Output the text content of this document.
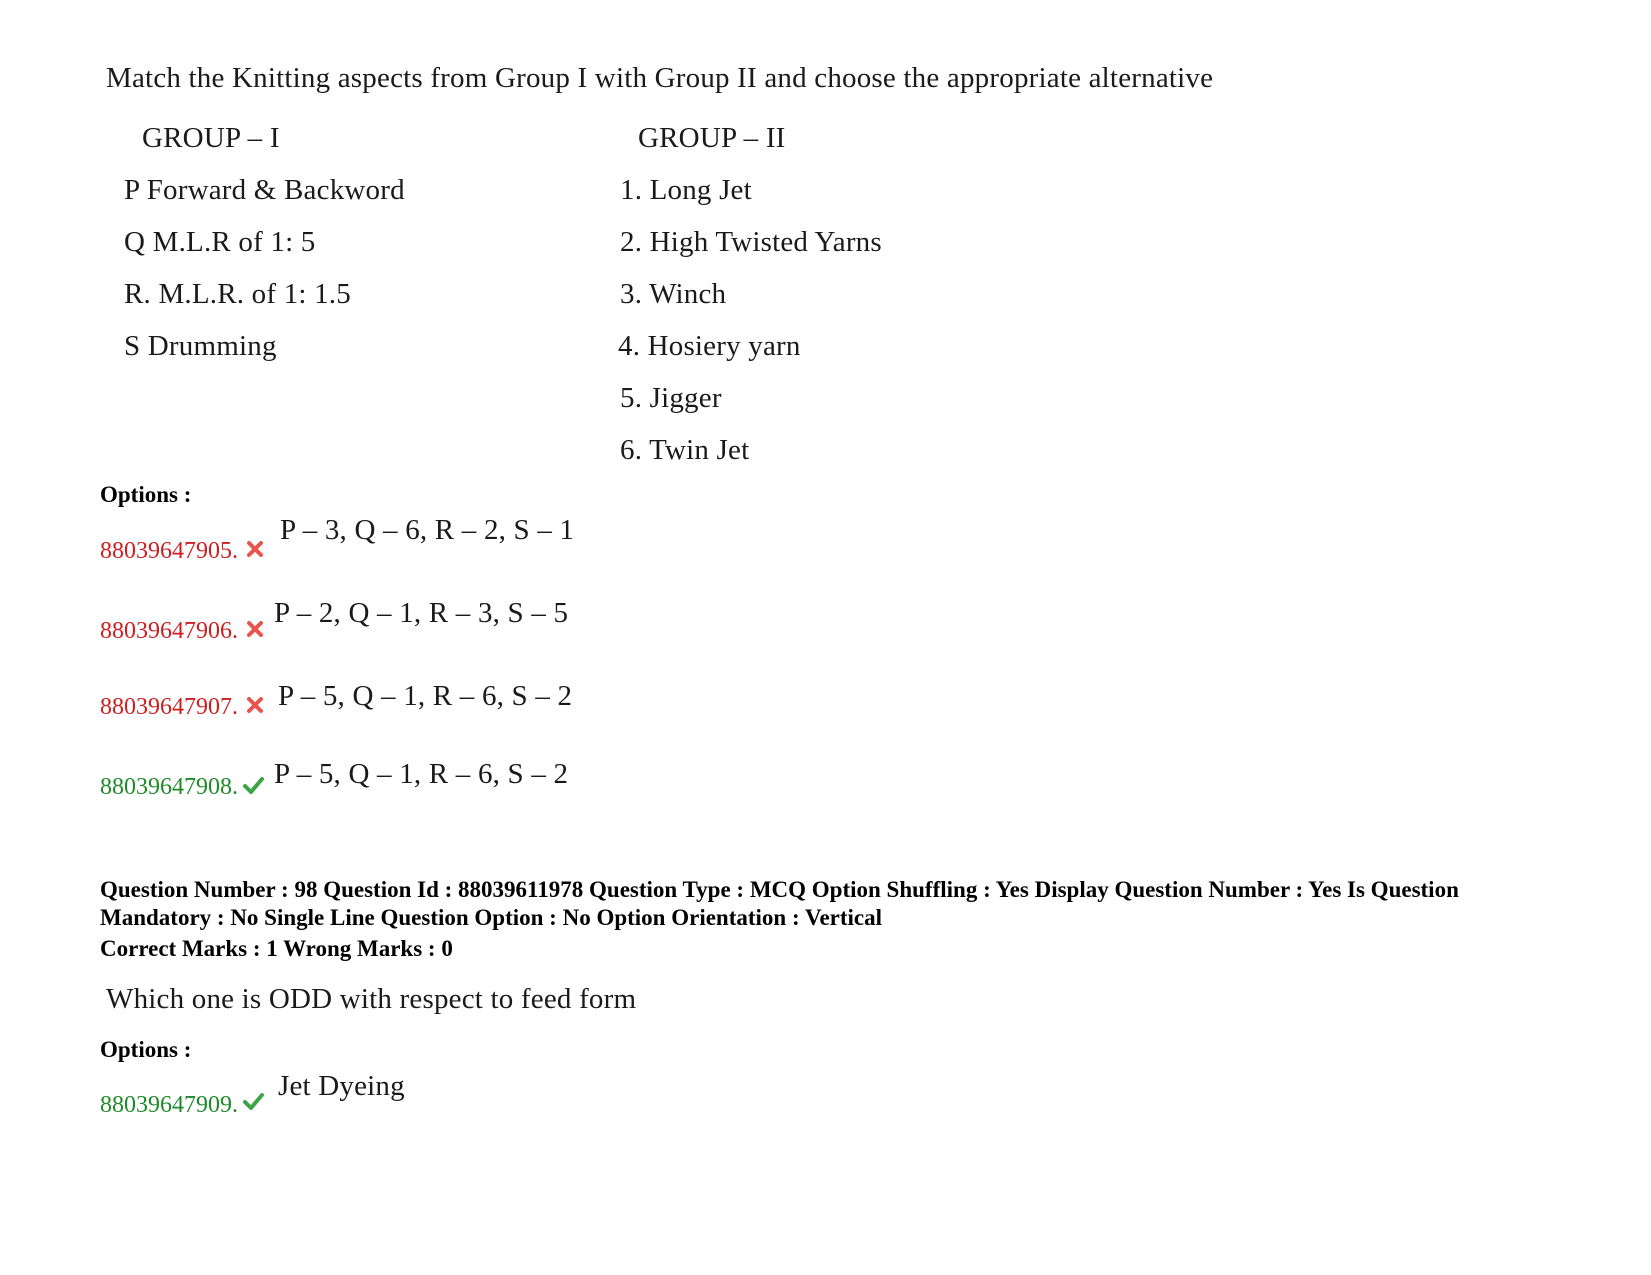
Match the Knitting aspects from Group I with Group II and choose the appropriate alternative
GROUP – I	GROUP – II
P Forward & Backword
Q M.L.R of 1: 5
R. M.L.R. of 1: 1.5
S Drumming
1. Long Jet
2. High Twisted Yarns
3. Winch
4. Hosiery yarn
5. Jigger
6. Twin Jet
Options :
88039647905.
P – 3, Q – 6, R – 2, S – 1
88039647906.
P – 2, Q – 1, R – 3, S – 5
88039647907. P – 5, Q – 1, R – 6, S – 2
88039647908. P – 5, Q – 1, R – 6, S – 2
Question Number : 98 Question Id : 88039611978 Question Type : MCQ Option Shuffling : Yes Display Question Number : Yes Is Question Mandatory : No Single Line Question Option : No Option Orientation : Vertical
Correct Marks : 1 Wrong Marks : 0
Which one is ODD with respect to feed form
Options :
88039647909.
Jet Dyeing
